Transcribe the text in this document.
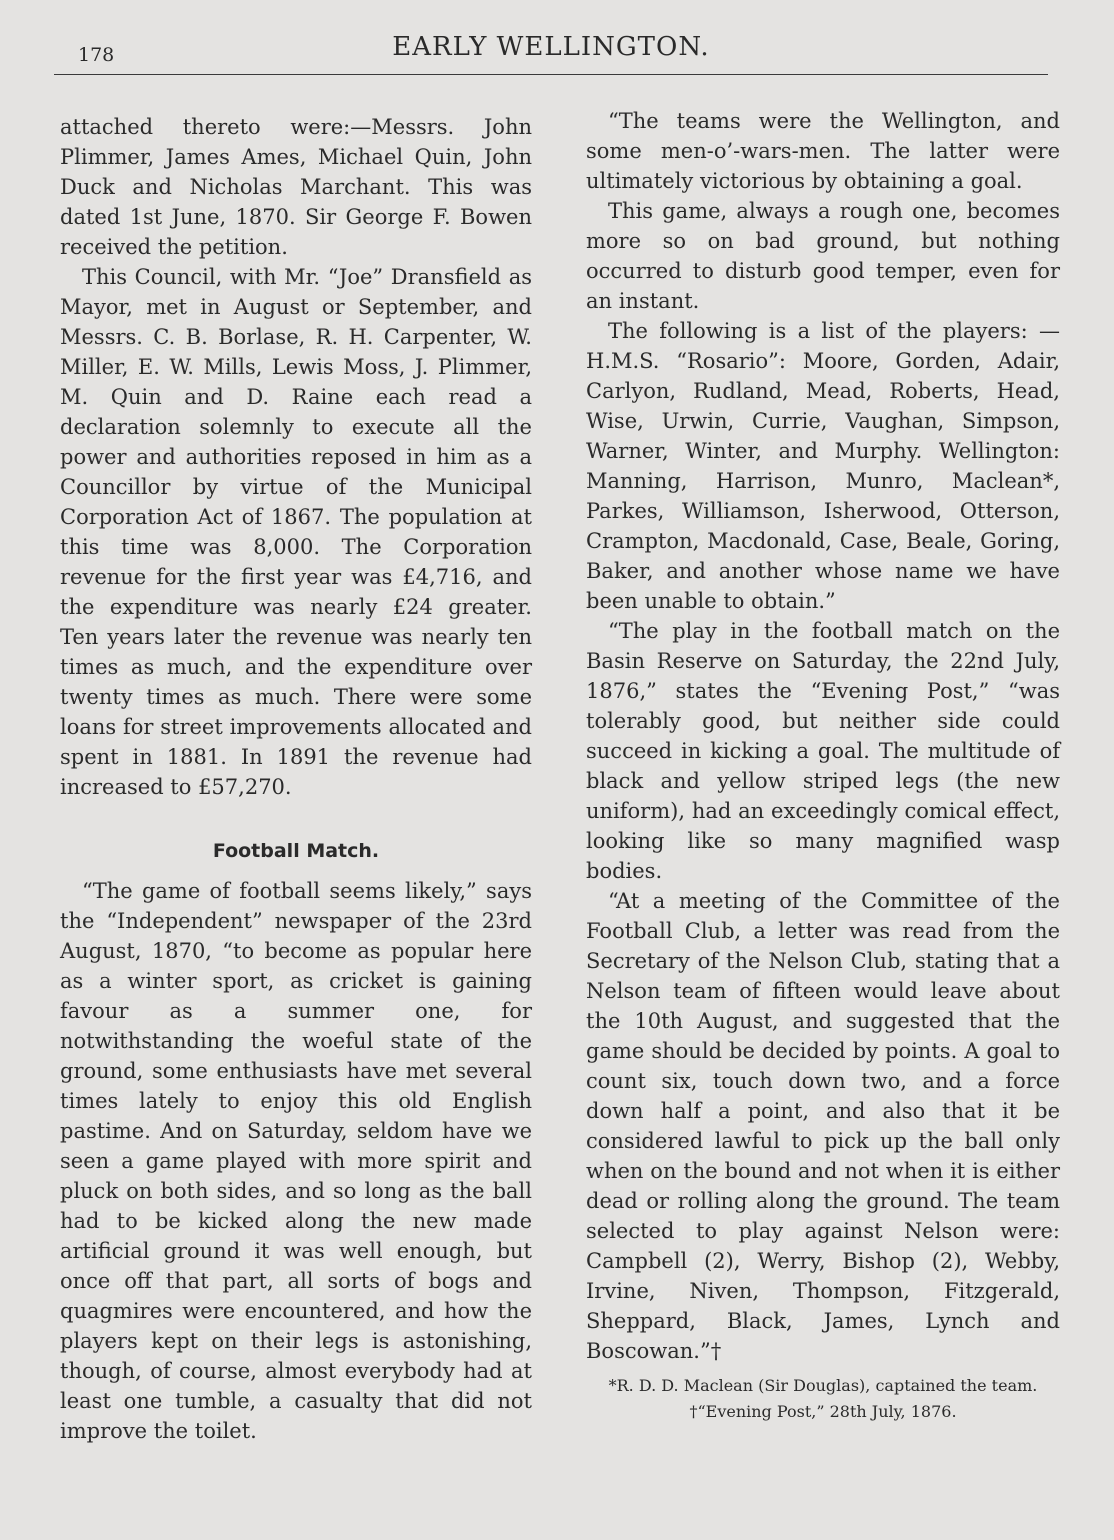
178	EARLY WELLINGTON.

attached thereto were:—Messrs. John Plimmer, James Ames, Michael Quin, John Duck and Nicholas Marchant. This was dated 1st June, 1870. Sir George F. Bowen received the petition.

This Council, with Mr. “Joe” Dransfield as Mayor, met in August or September, and Messrs. C. B. Borlase, R. H. Carpenter, W. Miller, E. W. Mills, Lewis Moss, J. Plimmer, M. Quin and D. Raine each read a declaration solemnly to execute all the power and authorities reposed in him as a Councillor by virtue of the Municipal Corporation Act of 1867. The population at this time was 8,000. The Corporation revenue for the first year was £4,716, and the expenditure was nearly £24 greater. Ten years later the revenue was nearly ten times as much, and the expenditure over twenty times as much. There were some loans for street improvements allocated and spent in 1881. In 1891 the revenue had increased to £57,270.

Football Match.

“The game of football seems likely,” says the “Independent” newspaper of the 23rd August, 1870, “to become as popular here as a winter sport, as cricket is gaining favour as a summer one, for notwithstanding the woeful state of the ground, some enthusiasts have met several times lately to enjoy this old English pastime. And on Saturday, seldom have we seen a game played with more spirit and pluck on both sides, and so long as the ball had to be kicked along the new made artificial ground it was well enough, but once off that part, all sorts of bogs and quagmires were encountered, and how the players kept on their legs is astonishing, though, of course, almost everybody had at least one tumble, a casualty that did not improve the toilet.

“The teams were the Wellington, and some men-o’-wars-men. The latter were ultimately victorious by obtaining a goal.

This game, always a rough one, becomes more so on bad ground, but nothing occurred to disturb good temper, even for an instant.

The following is a list of the players: —H.M.S. “Rosario”: Moore, Gorden, Adair, Carlyon, Rudland, Mead, Roberts, Head, Wise, Urwin, Currie, Vaughan, Simpson, Warner, Winter, and Murphy. Wellington: Manning, Harrison, Munro, Maclean*, Parkes, Williamson, Isherwood, Otterson, Crampton, Macdonald, Case, Beale, Goring, Baker, and another whose name we have been unable to obtain.”

“The play in the football match on the Basin Reserve on Saturday, the 22nd July, 1876,” states the “Evening Post,” “was tolerably good, but neither side could succeed in kicking a goal. The multitude of black and yellow striped legs (the new uniform), had an exceedingly comical effect, looking like so many magnified wasp bodies.

“At a meeting of the Committee of the Football Club, a letter was read from the Secretary of the Nelson Club, stating that a Nelson team of fifteen would leave about the 10th August, and suggested that the game should be decided by points. A goal to count six, touch down two, and a force down half a point, and also that it be considered lawful to pick up the ball only when on the bound and not when it is either dead or rolling along the ground. The team selected to play against Nelson were: Campbell (2), Werry, Bishop (2), Webby, Irvine, Niven, Thompson, Fitzgerald, Sheppard, Black, James, Lynch and Boscowan.”†

*R. D. D. Maclean (Sir Douglas), captained the team.
†“Evening Post,” 28th July, 1876.
